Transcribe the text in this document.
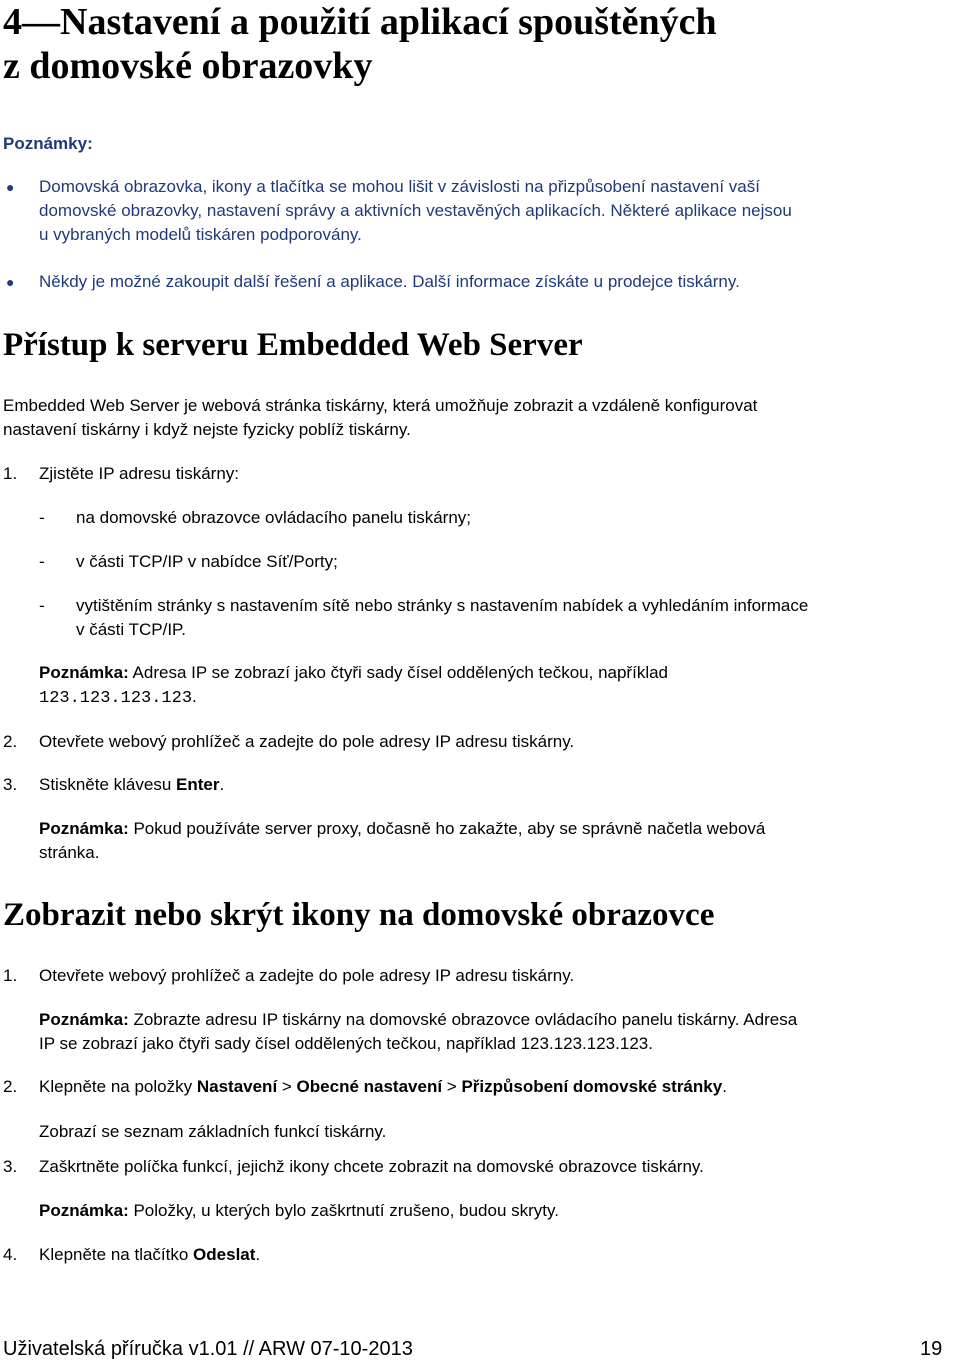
4—Nastavení a použití aplikací spouštěných
z domovské obrazovky
Poznámky:
● Domovská obrazovka, ikony a tlačítka se mohou lišit v závislosti na přizpůsobení nastavení vaší
domovské obrazovky, nastavení správy a aktivních vestavěných aplikacích. Některé aplikace nejsou
u vybraných modelů tiskáren podporovány.
● Někdy je možné zakoupit další řešení a aplikace. Další informace získáte u prodejce tiskárny.
Přístup k serveru Embedded Web Server
Embedded Web Server je webová stránka tiskárny, která umožňuje zobrazit a vzdáleně konfigurovat
nastavení tiskárny i když nejste fyzicky poblíž tiskárny.
1. Zjistěte IP adresu tiskárny:
- na domovské obrazovce ovládacího panelu tiskárny;
- v části TCP/IP v nabídce Síť/Porty;
- vytištěním stránky s nastavením sítě nebo stránky s nastavením nabídek a vyhledáním informace
v části TCP/IP.
Poznámka: Adresa IP se zobrazí jako čtyři sady čísel oddělených tečkou, například
123.123.123.123.
2. Otevřete webový prohlížeč a zadejte do pole adresy IP adresu tiskárny.
3. Stiskněte klávesu Enter.
Poznámka: Pokud používáte server proxy, dočasně ho zakažte, aby se správně načetla webová
stránka.
Zobrazit nebo skrýt ikony na domovské obrazovce
1. Otevřete webový prohlížeč a zadejte do pole adresy IP adresu tiskárny.
Poznámka: Zobrazte adresu IP tiskárny na domovské obrazovce ovládacího panelu tiskárny. Adresa
IP se zobrazí jako čtyři sady čísel oddělených tečkou, například 123.123.123.123.
2. Klepněte na položky Nastavení > Obecné nastavení > Přizpůsobení domovské stránky.
Zobrazí se seznam základních funkcí tiskárny.
3. Zaškrtněte políčka funkcí, jejichž ikony chcete zobrazit na domovské obrazovce tiskárny.
Poznámka: Položky, u kterých bylo zaškrtnutí zrušeno, budou skryty.
4. Klepněte na tlačítko Odeslat.
Uživatelská příručka v1.01 // ARW 07-10-2013	19
